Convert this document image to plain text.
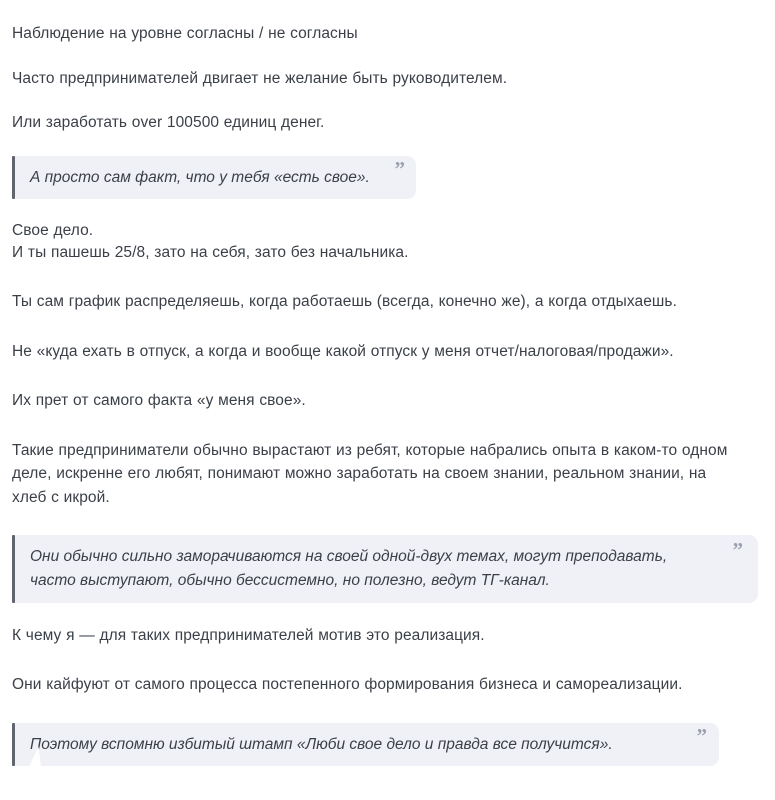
Наблюдение на уровне согласны / не согласны

Часто предпринимателей двигает не желание быть руководителем.

Или заработать over 100500 единиц денег.

А просто сам факт, что у тебя «есть свое». ”

Свое дело.
И ты пашешь 25/8, зато на себя, зато без начальника.

Ты сам график распределяешь, когда работаешь (всегда, конечно же), а когда отдыхаешь.

Не «куда ехать в отпуск, а когда и вообще какой отпуск у меня отчет/налоговая/продажи».

Их прет от самого факта «у меня свое».

Такие предприниматели обычно вырастают из ребят, которые набрались опыта в каком-то одном деле, искренне его любят, понимают можно заработать на своем знании, реальном знании, на хлеб с икрой.

Они обычно сильно заморачиваются на своей одной-двух темах, могут преподавать, часто выступают, обычно бессистемно, но полезно, ведут ТГ-канал.
”

К чему я — для таких предпринимателей мотив это реализация.

Они кайфуют от самого процесса постепенного формирования бизнеса и самореализации.

Поэтому вспомню избитый штамп «Люби свое дело и правда все получится».	”
